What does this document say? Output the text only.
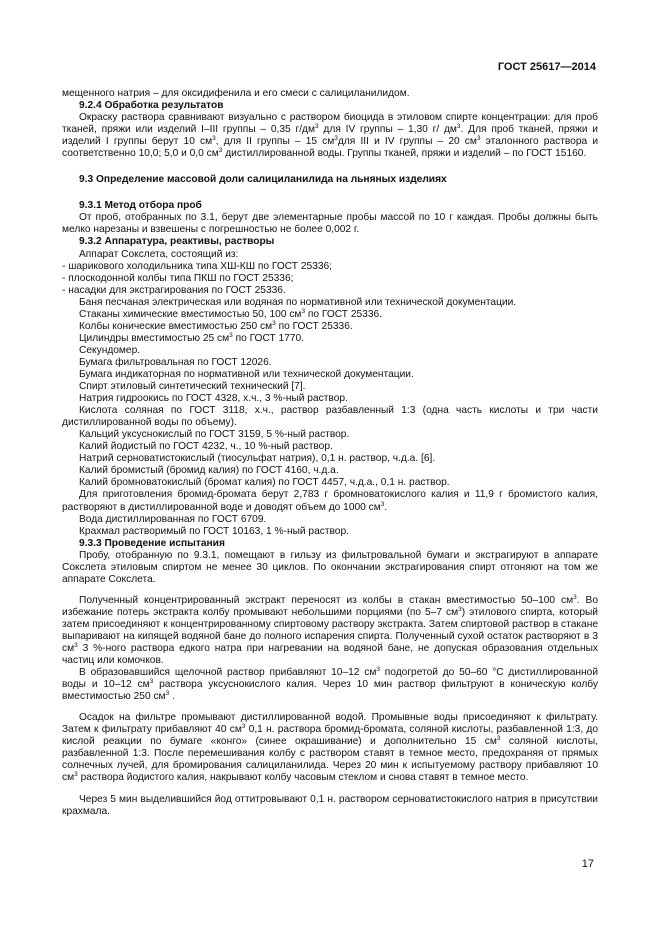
ГОСТ 25617—2014

мещенного натрия – для оксидифенила и его смеси с салициланилидом.

9.2.4 Обработка результатов

Окраску раствора сравнивают визуально с раствором биоцида в этиловом спирте концентрации: для проб тканей, пряжи или изделий I–III группы – 0,35 $г/дм^3$ для IV группы – 1,30 г/ $дм^3$. Для проб тканей, пряжи и изделий I группы берут 10 $см^3$, для II группы – 15 $см^3для$ III и IV группы – 20 $см^3$ эталонного раствора и соответственно 10,0; 5,0 и 0,0 $см^3$ дистиллированной воды. Группы тканей, пряжи и изделий – по ГОСТ 15160.

9.3 Определение массовой доли салициланилида на льняных изделиях

9.3.1 Метод отбора проб

От проб, отобранных по 3.1, берут две элементарные пробы массой по 10 г каждая. Пробы должны быть мелко нарезаны и взвешены с погрешностью не более 0,002 г.

9.3.2 Аппаратура, реактивы, растворы

Аппарат Сокслета, состоящий из:

- шарикового холодильника типа ХШ-КШ по ГОСТ 25336;

- плоскодонной колбы типа ПКШ по ГОСТ 25336;

- насадки для экстрагирования по ГОСТ 25336.

Баня песчаная электрическая или водяная по нормативной или технической документации.

Стаканы химические вместимостью 50, 100 $см^3$ по ГОСТ 25336.

Колбы конические вместимостью 250 $см^3$ по ГОСТ 25336.

Цилиндры вместимостью 25 $см^3$ по ГОСТ 1770.

Секундомер.

Бумага фильтровальная по ГОСТ 12026.

Бумага индикаторная по нормативной или технической документации.

Спирт этиловый синтетический технический [7].

Натрия гидроокись по ГОСТ 4328, х.ч., 3 %-ный раствор.

Кислота соляная по ГОСТ 3118, х.ч., раствор разбавленный 1:3 (одна часть кислоты и три части дистиллированной воды по объему).

Кальций уксуснокислый по ГОСТ 3159, 5 %-ный раствор.

Калий йодистый по ГОСТ 4232, ч., 10 %-ный раствор.

Натрий серноватистокислый (тиосульфат натрия), 0,1 н. раствор, ч.д.а. [6].

Калий бромистый (бромид калия) по ГОСТ 4160, ч.д.а.

Калий бромноватокислый (бромат калия) по ГОСТ 4457, ч.д.а., 0,1 н. раствор.

Для приготовления бромид-бромата берут 2,783 г бромноватокислого калия и 11,9 г бромистого калия, растворяют в дистиллированной воде и доводят объем до 1000 $см^3$.

Вода дистиллированная по ГОСТ 6709.

Крахмал растворимый по ГОСТ 10163, 1 %-ный раствор.

9.3.3 Проведение испытания

Пробу, отобранную по 9.3.1, помещают в гильзу из фильтровальной бумаги и экстрагируют в аппарате Сокслета этиловым спиртом не менее 30 циклов. По окончании экстрагирования спирт отгоняют на том же аппарате Сокслета.

Полученный концентрированный экстракт переносят из колбы в стакан вместимостью 50–100 $см^3$. Во избежание потерь экстракта колбу промывают небольшими порциями (по 5–7 $см^3$) этилового спирта, который затем присоединяют к концентрированному спиртовому раствору экстракта. Затем спиртовой раствор в стакане выпаривают на кипящей водяной бане до полного испарения спирта. Полученный сухой остаток растворяют в 3 $см^3$ 3 %-ного раствора едкого натра при нагревании на водяной бане, не допуская образования отдельных частиц или комочков.

В образовавшийся щелочной раствор прибавляют 10–12 $см^3$ подогретой до 50–60 °С дистиллированной воды и 10–12 $см^3$ раствора уксуснокислого калия. Через 10 мин раствор фильтруют в коническую колбу вместимостью 250 $см^3$ .

Осадок на фильтре промывают дистиллированной водой. Промывные воды присоединяют к фильтрату. Затем к фильтрату прибавляют 40 $см^3$ 0,1 н. раствора бромид-бромата, соляной кислоты, разбавленной 1:3, до кислой реакции по бумаге «конго» (синее окрашивание) и дополнительно 15 $см^3$ соляной кислоты, разбавленной 1:3. После перемешивания колбу с раствором ставят в темное место, предохраняя от прямых солнечных лучей, для бромирования салициланилида. Через 20 мин к испытуемому раствору прибавляют 10 $см^3$ раствора йодистого калия, накрывают колбу часовым стеклом и снова ставят в темное место.

Через 5 мин выделившийся йод оттитровывают 0,1 н. раствором серноватистокислого натрия в присутствии крахмала.

17
